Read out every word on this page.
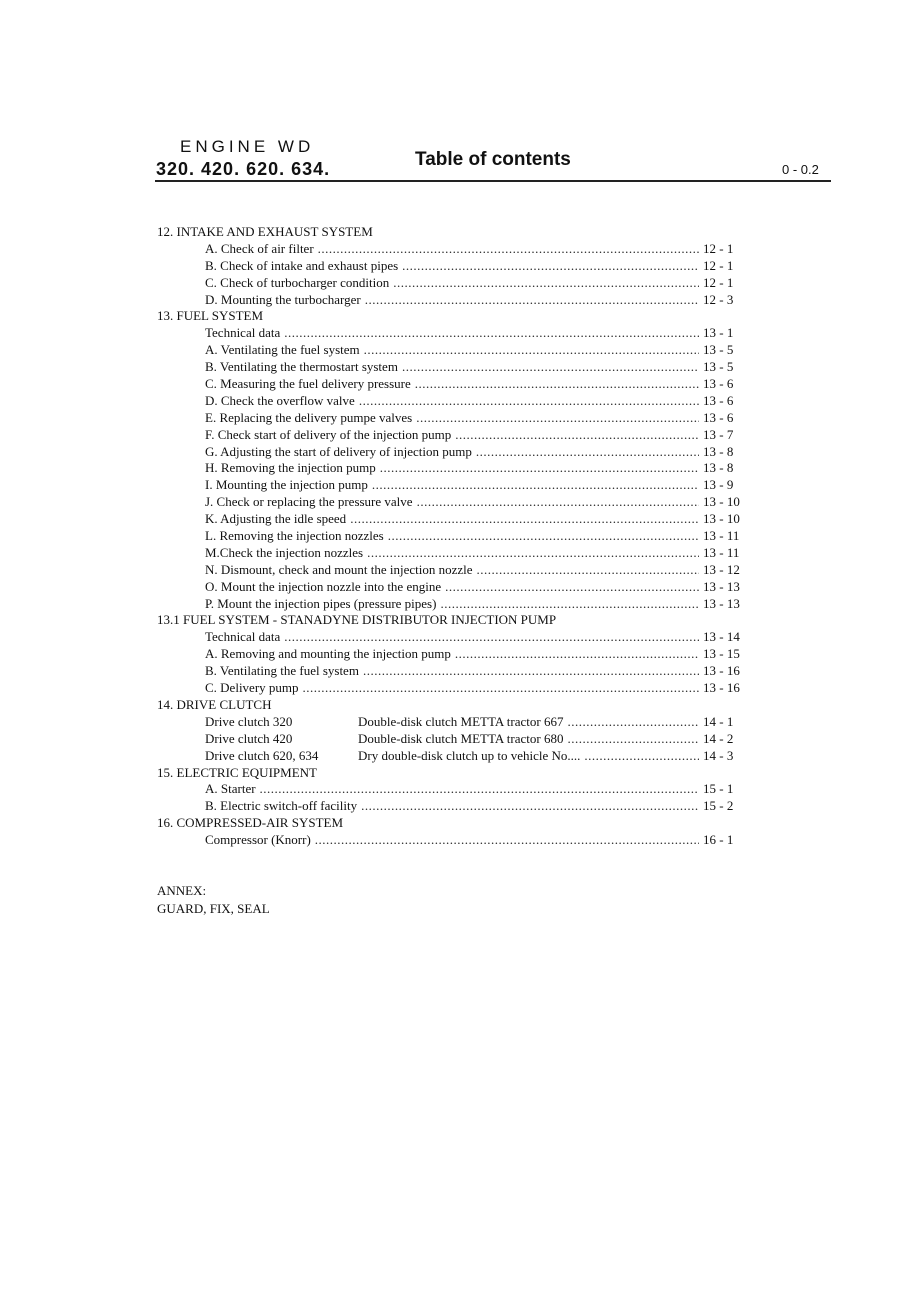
ENGINE WD
320. 420. 620. 634.	Table of contents	0 - 0.2
12. INTAKE AND EXHAUST SYSTEM
A. Check of air filter .....	12 - 1
B. Check of intake and exhaust pipes .....	12 - 1
C. Check of turbocharger condition .....	12 - 1
D. Mounting the turbocharger .....	12 - 3
13. FUEL SYSTEM
Technical data .....	13 - 1
A. Ventilating the fuel system .....	13 - 5
B. Ventilating the thermostart system .....	13 - 5
C. Measuring the fuel delivery pressure .....	13 - 6
D. Check the overflow valve .....	13 - 6
E. Replacing the delivery pumpe valves .....	13 - 6
F. Check start of delivery of the injection pump .....	13 - 7
G. Adjusting the start of delivery of injection pump .....	13 - 8
H. Removing the injection pump .....	13 - 8
I. Mounting the injection pump .....	13 - 9
J. Check or replacing the pressure valve .....	13 - 10
K. Adjusting the idle speed .....	13 - 10
L. Removing the injection nozzles .....	13 - 11
M.Check the injection nozzles .....	13 - 11
N. Dismount, check and mount the injection nozzle .....	13 - 12
O. Mount the injection nozzle into the engine .....	13 - 13
P. Mount the injection pipes (pressure pipes) .....	13 - 13
13.1 FUEL SYSTEM - STANADYNE DISTRIBUTOR INJECTION PUMP
Technical data .....	13 - 14
A. Removing and mounting the injection pump .....	13 - 15
B. Ventilating the fuel system .....	13 - 16
C. Delivery pump .....	13 - 16
14. DRIVE CLUTCH
Drive clutch 320	Double-disk clutch METTA tractor 667 .....	14 - 1
Drive clutch 420	Double-disk clutch METTA tractor 680 .....	14 - 2
Drive clutch 620, 634	Dry double-disk clutch up to vehicle No.... .....	14 - 3
15. ELECTRIC EQUIPMENT
A. Starter .....	15 - 1
B. Electric switch-off facility .....	15 - 2
16. COMPRESSED-AIR SYSTEM
Compressor (Knorr) .....	16 - 1
ANNEX:
GUARD, FIX, SEAL
